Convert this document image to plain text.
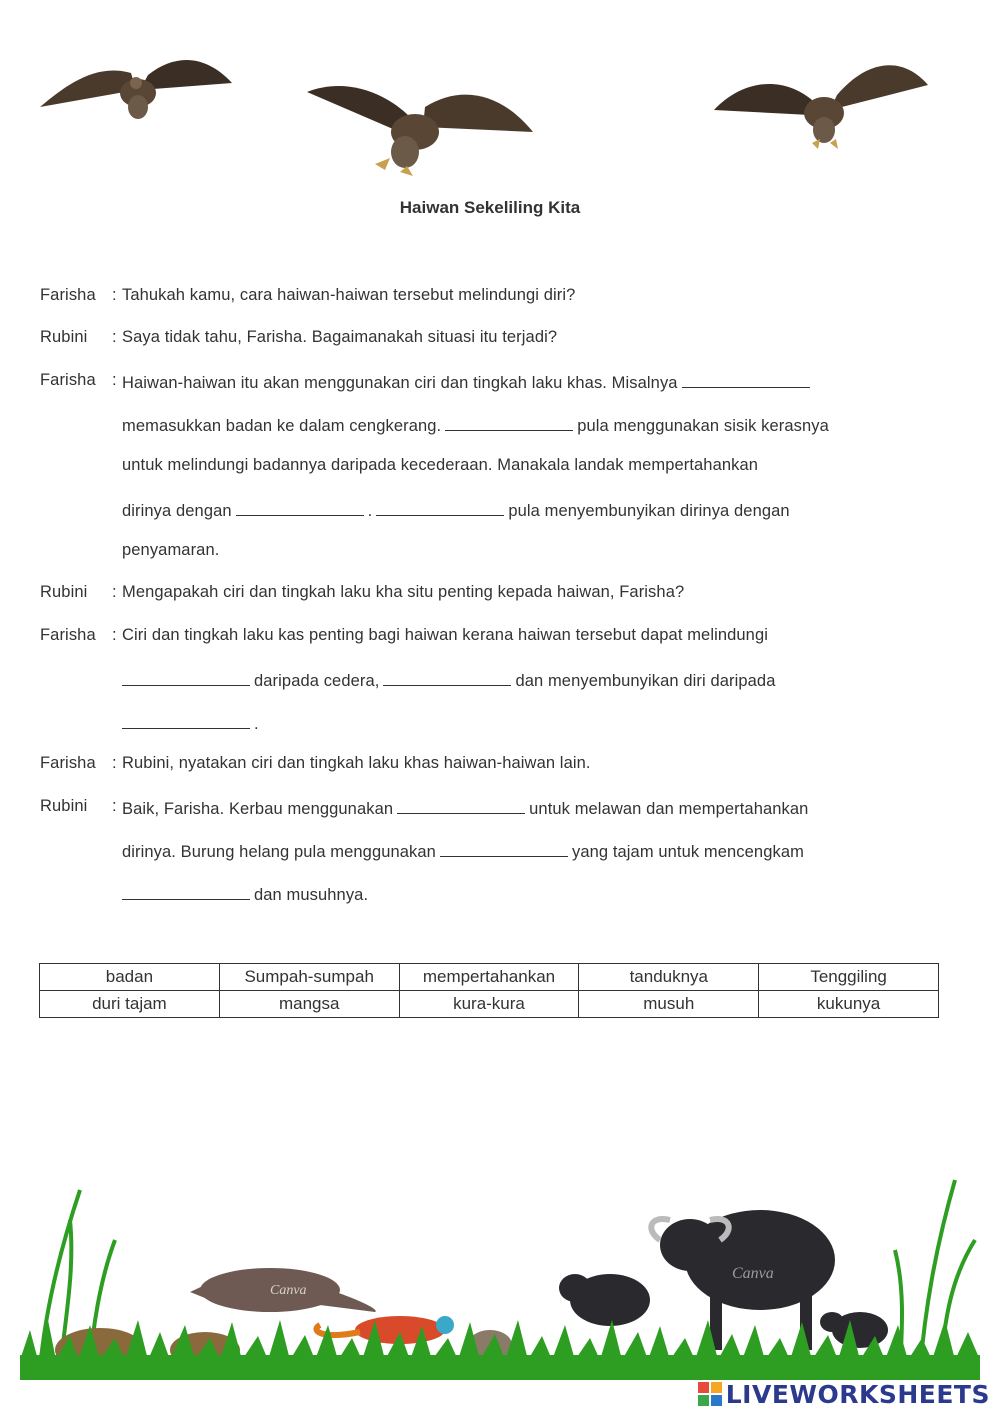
Haiwan Sekeliling Kita
Farisha : Tahukah kamu, cara haiwan-haiwan tersebut melindungi diri?
Rubini : Saya tidak tahu, Farisha. Bagaimanakah situasi itu terjadi?
Farisha : Haiwan-haiwan itu akan menggunakan ciri dan tingkah laku khas. Misalnya
memasukkan badan ke dalam cengkerang.	pula menggunakan sisik kerasnya
untuk melindungi badannya daripada kecederaan. Manakala landak mempertahankan
dirinya dengan	.	pula menyembunyikan dirinya dengan
penyamaran.
Rubini : Mengapakah ciri dan tingkah laku kha situ penting kepada haiwan, Farisha?
Farisha : Ciri dan tingkah laku kas penting bagi haiwan kerana haiwan tersebut dapat melindungi
daripada cedera,	dan menyembunyikan diri daripada
.
Farisha : Rubini, nyatakan ciri dan tingkah laku khas haiwan-haiwan lain.
Rubini : Baik, Farisha. Kerbau menggunakan	untuk melawan dan mempertahankan
dirinya. Burung helang pula menggunakan	yang tajam untuk mencengkam
dan musuhnya.
badan	Sumpah-sumpah	mempertahankan	tanduknya	Tenggiling
duri tajam	mangsa	kura-kura	musuh	kukunya
Canva
Canva
LIVEWORKSHEETS
